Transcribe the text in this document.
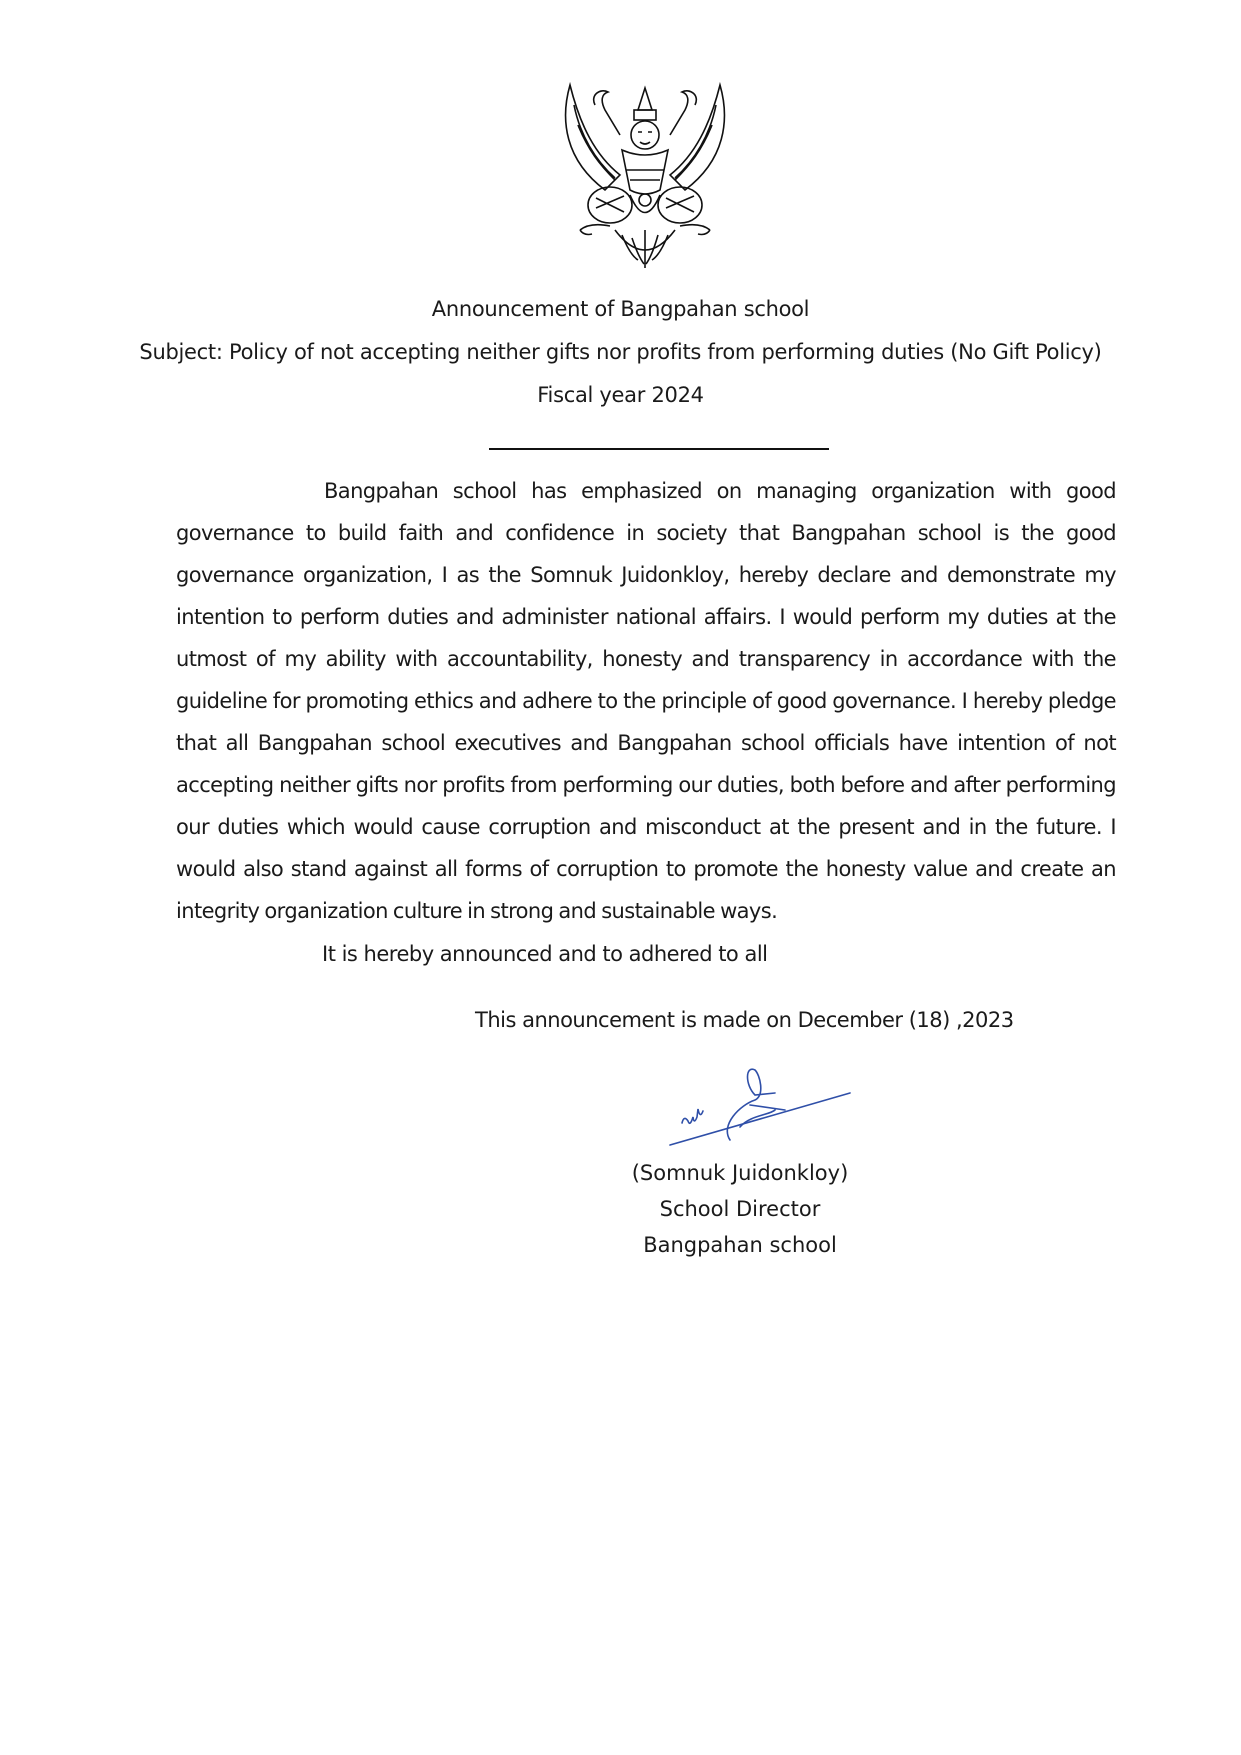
Announcement of Bangpahan school
Subject: Policy of not accepting neither gifts nor profits from performing duties (No Gift Policy)
Fiscal year 2024
Bangpahan school has emphasized on managing organization with good
governance to build faith and confidence in society that Bangpahan school is the good
governance organization, I as the Somnuk Juidonkloy, hereby declare and demonstrate my
intention to perform duties and administer national affairs. I would perform my duties at the
utmost of my ability with accountability, honesty and transparency in accordance with the
guideline for promoting ethics and adhere to the principle of good governance. I hereby pledge
that all Bangpahan school executives and Bangpahan school officials have intention of not
accepting neither gifts nor profits from performing our duties, both before and after performing
our duties which would cause corruption and misconduct at the present and in the future. I
would also stand against all forms of corruption to promote the honesty value and create an
integrity organization culture in strong and sustainable ways.
It is hereby announced and to adhered to all
This announcement is made on December (18) ,2023
(Somnuk Juidonkloy)
School Director
Bangpahan school
